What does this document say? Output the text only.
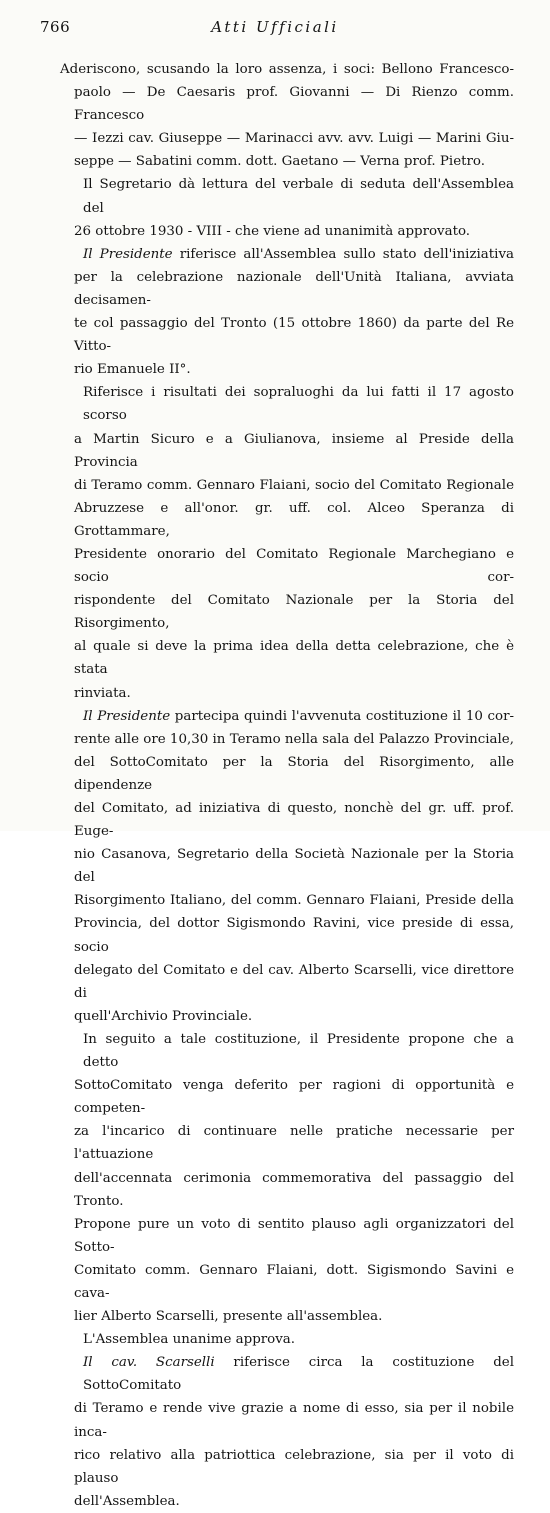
766	Atti Ufficiali

Aderiscono, scusando la loro assenza, i soci: Bellono Francesco-

paolo — De Caesaris prof. Giovanni — Di Rienzo comm. Francesco

— Iezzi cav. Giuseppe — Marinacci avv. avv. Luigi — Marini Giu-

seppe — Sabatini comm. dott. Gaetano — Verna prof. Pietro.

Il Segretario dà lettura del verbale di seduta dell'Assemblea del

26 ottobre 1930 - VIII - che viene ad unanimità approvato.

Il Presidente riferisce all'Assemblea sullo stato dell'iniziativa

per la celebrazione nazionale dell'Unità Italiana, avviata decisamen-

te col passaggio del Tronto (15 ottobre 1860) da parte del Re Vitto-

rio Emanuele II°.

Riferisce i risultati dei sopraluoghi da lui fatti il 17 agosto scorso

a Martin Sicuro e a Giulianova, insieme al Preside della Provincia

di Teramo comm. Gennaro Flaiani, socio del Comitato Regionale

Abruzzese e all'onor. gr. uff. col. Alceo Speranza di Grottammare,

Presidente onorario del Comitato Regionale Marchegiano e socio cor-

rispondente del Comitato Nazionale per la Storia del Risorgimento,

al quale si deve la prima idea della detta celebrazione, che è stata

rinviata.

Il Presidente partecipa quindi l'avvenuta costituzione il 10 cor-

rente alle ore 10,30 in Teramo nella sala del Palazzo Provinciale,

del SottoComitato per la Storia del Risorgimento, alle dipendenze

del Comitato, ad iniziativa di questo, nonchè del gr. uff. prof. Euge-

nio Casanova, Segretario della Società Nazionale per la Storia del

Risorgimento Italiano, del comm. Gennaro Flaiani, Preside della

Provincia, del dottor Sigismondo Ravini, vice preside di essa, socio

delegato del Comitato e del cav. Alberto Scarselli, vice direttore di

quell'Archivio Provinciale.

In seguito a tale costituzione, il Presidente propone che a detto

SottoComitato venga deferito per ragioni di opportunità e competen-

za l'incarico di continuare nelle pratiche necessarie per l'attuazione

dell'accennata cerimonia commemorativa del passaggio del Tronto.

Propone pure un voto di sentito plauso agli organizzatori del Sotto-

Comitato comm. Gennaro Flaiani, dott. Sigismondo Savini e cava-

lier Alberto Scarselli, presente all'assemblea.

L'Assemblea unanime approva.

Il cav. Scarselli riferisce circa la costituzione del SottoComitato

di Teramo e rende vive grazie a nome di esso, sia per il nobile inca-

rico relativo alla patriottica celebrazione, sia per il voto di plauso

dell'Assemblea.
